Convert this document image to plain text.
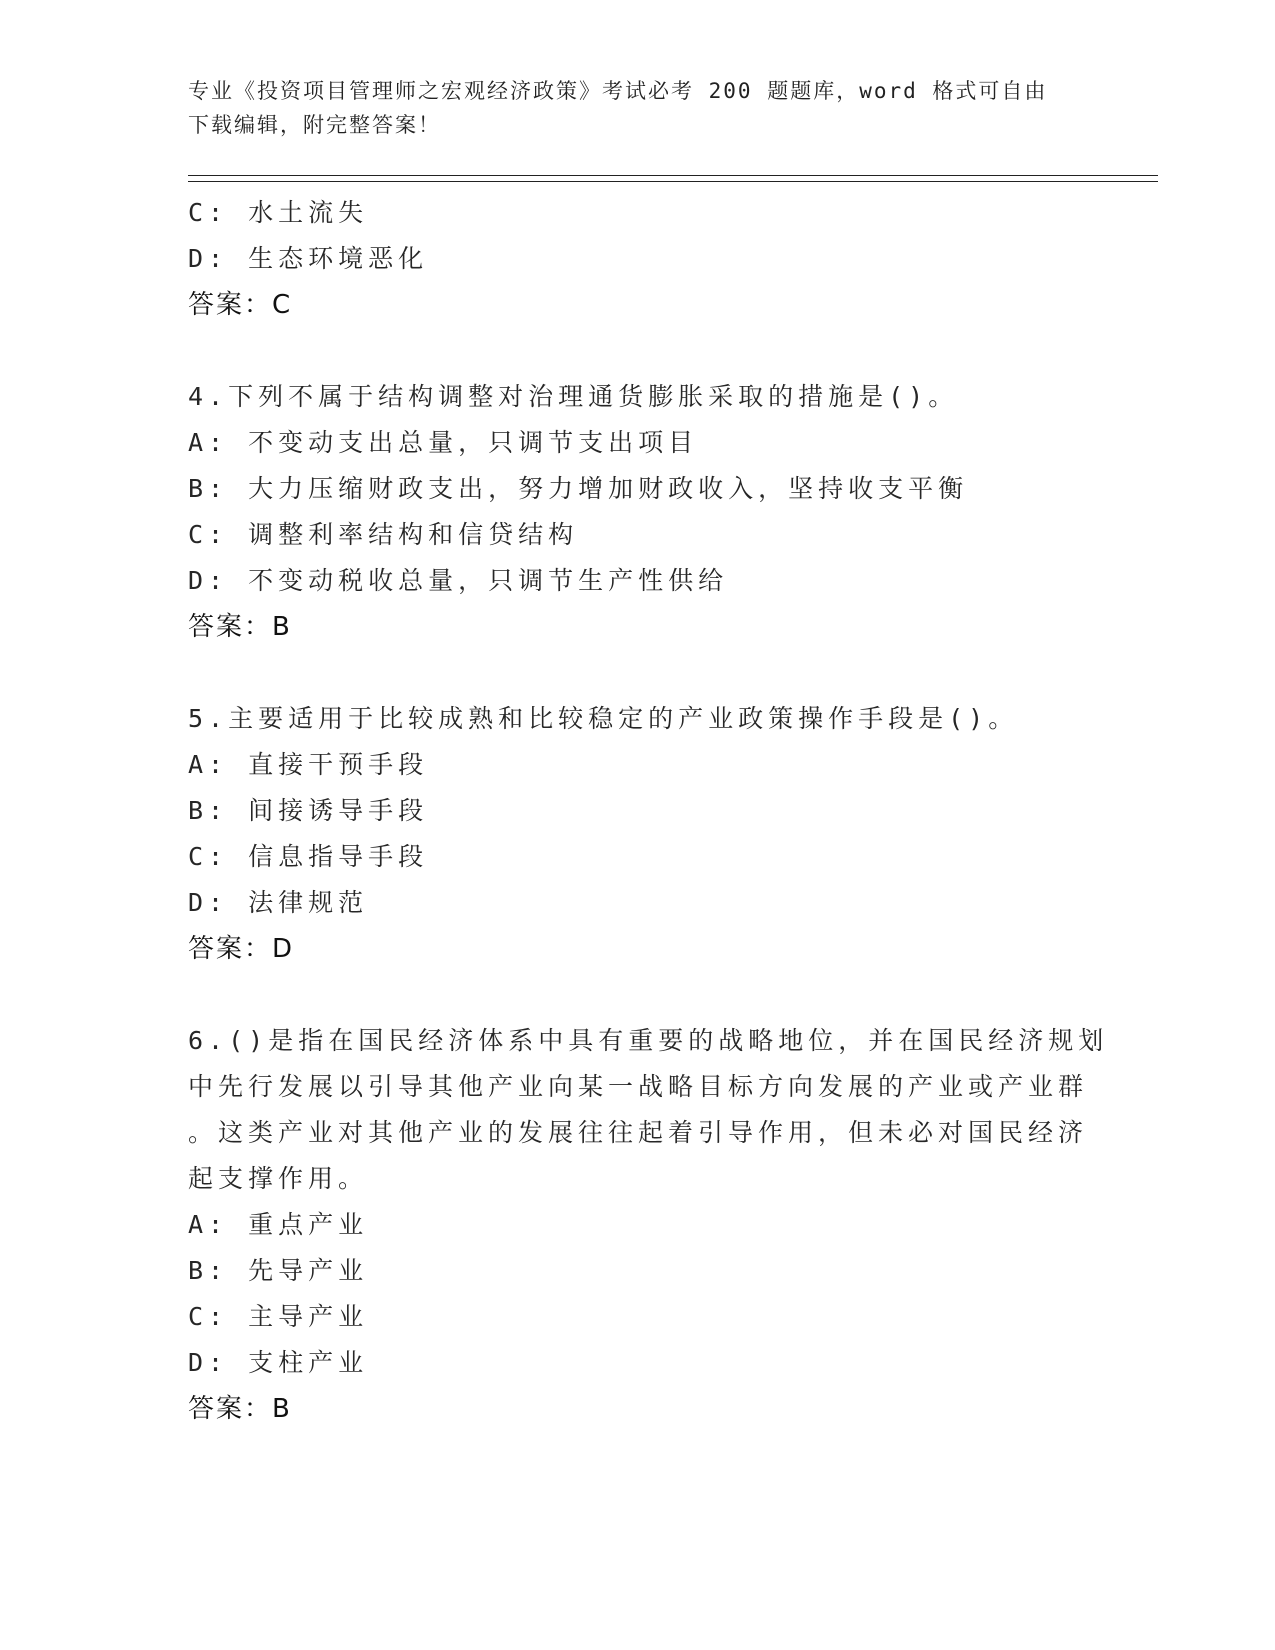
专业《投资项目管理师之宏观经济政策》考试必考 200 题题库，word 格式可自由
下载编辑，附完整答案！
C: 水土流失
D: 生态环境恶化
答案：C
4.下列不属于结构调整对治理通货膨胀采取的措施是()。
A: 不变动支出总量，只调节支出项目
B: 大力压缩财政支出，努力增加财政收入，坚持收支平衡
C: 调整利率结构和信贷结构
D: 不变动税收总量，只调节生产性供给
答案：B
5.主要适用于比较成熟和比较稳定的产业政策操作手段是()。
A: 直接干预手段
B: 间接诱导手段
C: 信息指导手段
D: 法律规范
答案：D
6.()是指在国民经济体系中具有重要的战略地位，并在国民经济规划
中先行发展以引导其他产业向某一战略目标方向发展的产业或产业群
。这类产业对其他产业的发展往往起着引导作用，但未必对国民经济
起支撑作用。
A: 重点产业
B: 先导产业
C: 主导产业
D: 支柱产业
答案：B
